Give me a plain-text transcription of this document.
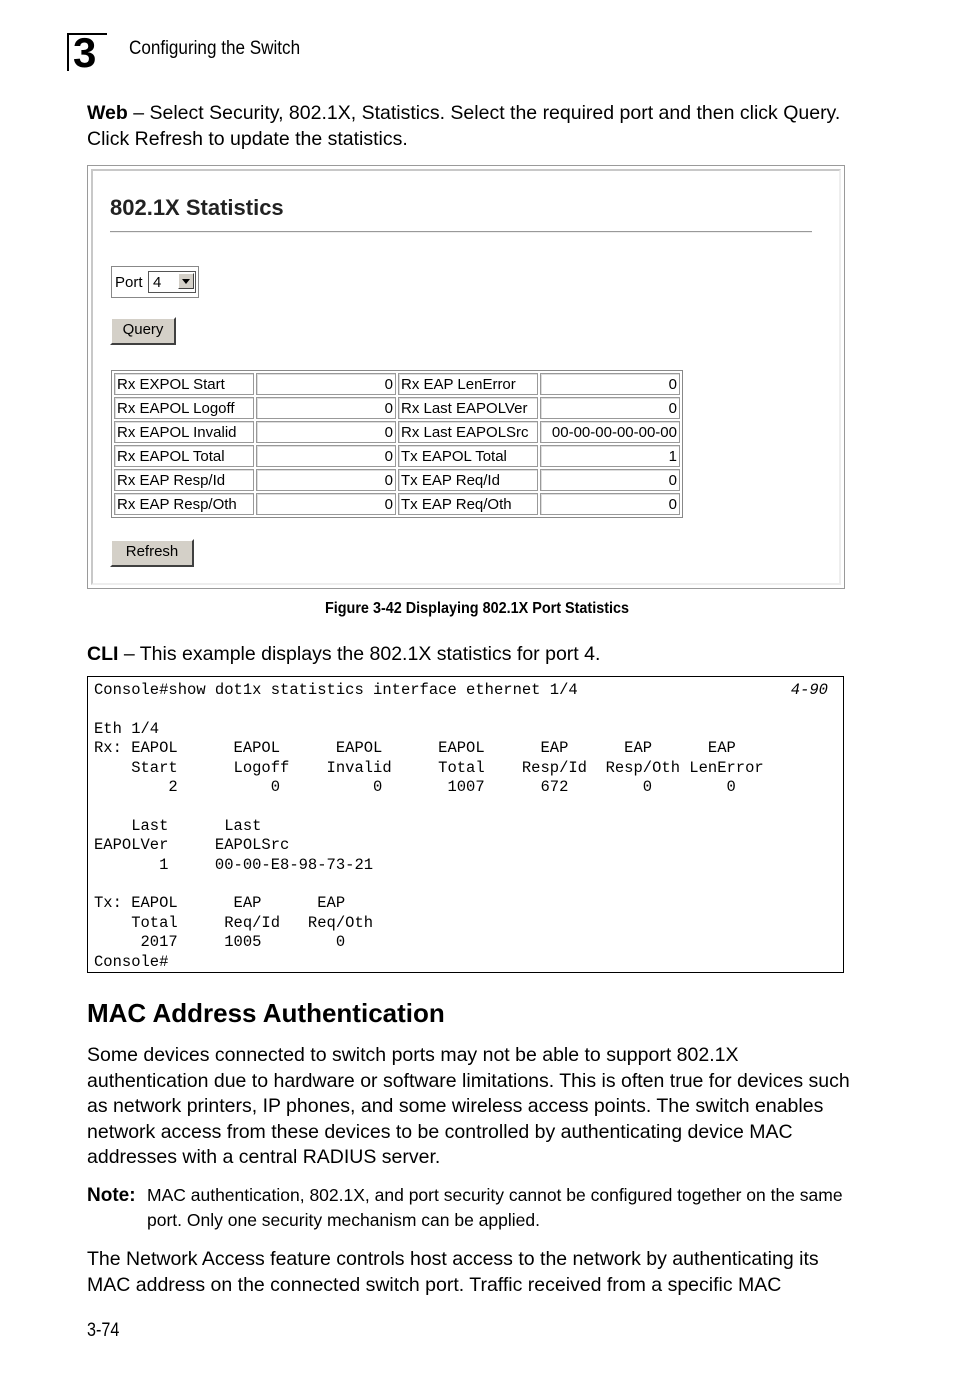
3 Configuring the Switch
Web – Select Security, 802.1X, Statistics. Select the required port and then click Query. Click Refresh to update the statistics.
802.1X Statistics
Port 4
Query
Rx EXPOL Start	0	Rx EAP LenError	0
Rx EAPOL Logoff	0	Rx Last EAPOLVer	0
Rx EAPOL Invalid	0	Rx Last EAPOLSrc	00-00-00-00-00-00
Rx EAPOL Total	0	Tx EAPOL Total	1
Rx EAP Resp/Id	0	Tx EAP Req/Id	0
Rx EAP Resp/Oth	0	Tx EAP Req/Oth	0
Refresh
Figure 3-42 Displaying 802.1X Port Statistics
CLI – This example displays the 802.1X statistics for port 4.
Console#show dot1x statistics interface ethernet 1/4

Eth 1/4
Rx: EAPOL      EAPOL      EAPOL      EAPOL      EAP      EAP      EAP
Start      Logoff    Invalid     Total    Resp/Id  Resp/Oth LenError
2          0          0       1007      672        0        0

Last      Last
EAPOLVer     EAPOLSrc
1     00-00-E8-98-73-21

Tx: EAPOL      EAP      EAP
Total     Req/Id   Req/Oth
2017     1005        0
Console#
4-90
MAC Address Authentication
Some devices connected to switch ports may not be able to support 802.1X authentication due to hardware or software limitations. This is often true for devices such as network printers, IP phones, and some wireless access points. The switch enables network access from these devices to be controlled by authenticating device MAC addresses with a central RADIUS server.
Note: MAC authentication, 802.1X, and port security cannot be configured together on the same port. Only one security mechanism can be applied.
The Network Access feature controls host access to the network by authenticating its MAC address on the connected switch port. Traffic received from a specific MAC
3-74
